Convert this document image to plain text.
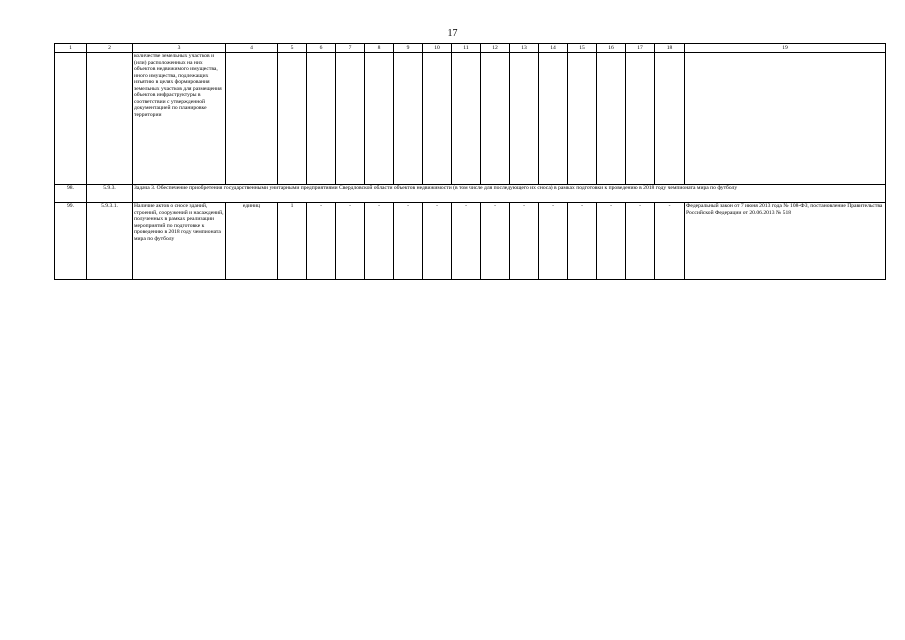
17
1	2	3	4	5	6	7	8	9	10	11	12	13	14	15	16	17	18	19
		количестве земельных участков и (или) расположенных на них объектов недвижимого имущества, иного имущества, подлежащих изъятию в целях формирования земельных участков для размещения объектов инфраструктуры в соответствии с утвержденной документацией по планировке территории																
98.	5.9.3.	Задача 3. Обеспечение приобретения государственными унитарными предприятиями Свердловской области объектов недвижимости (в том числе для последующего их сноса) в рамках подготовки к проведению в 2018 году чемпионата мира по футболу																
99.	5.9.3.1.	Наличие актов о сносе зданий, строений, сооружений и насаждений, полученных в рамках реализации мероприятий по подготовке к проведению в 2018 году чемпионата мира по футболу	единиц	1	-	-	-	-	-	-	-	-	-	-	-	-	-	Федеральный закон от 7 июня 2013 года № 108-ФЗ, постановление Правительства Российской Федерации от 20.06.2013 № 518
